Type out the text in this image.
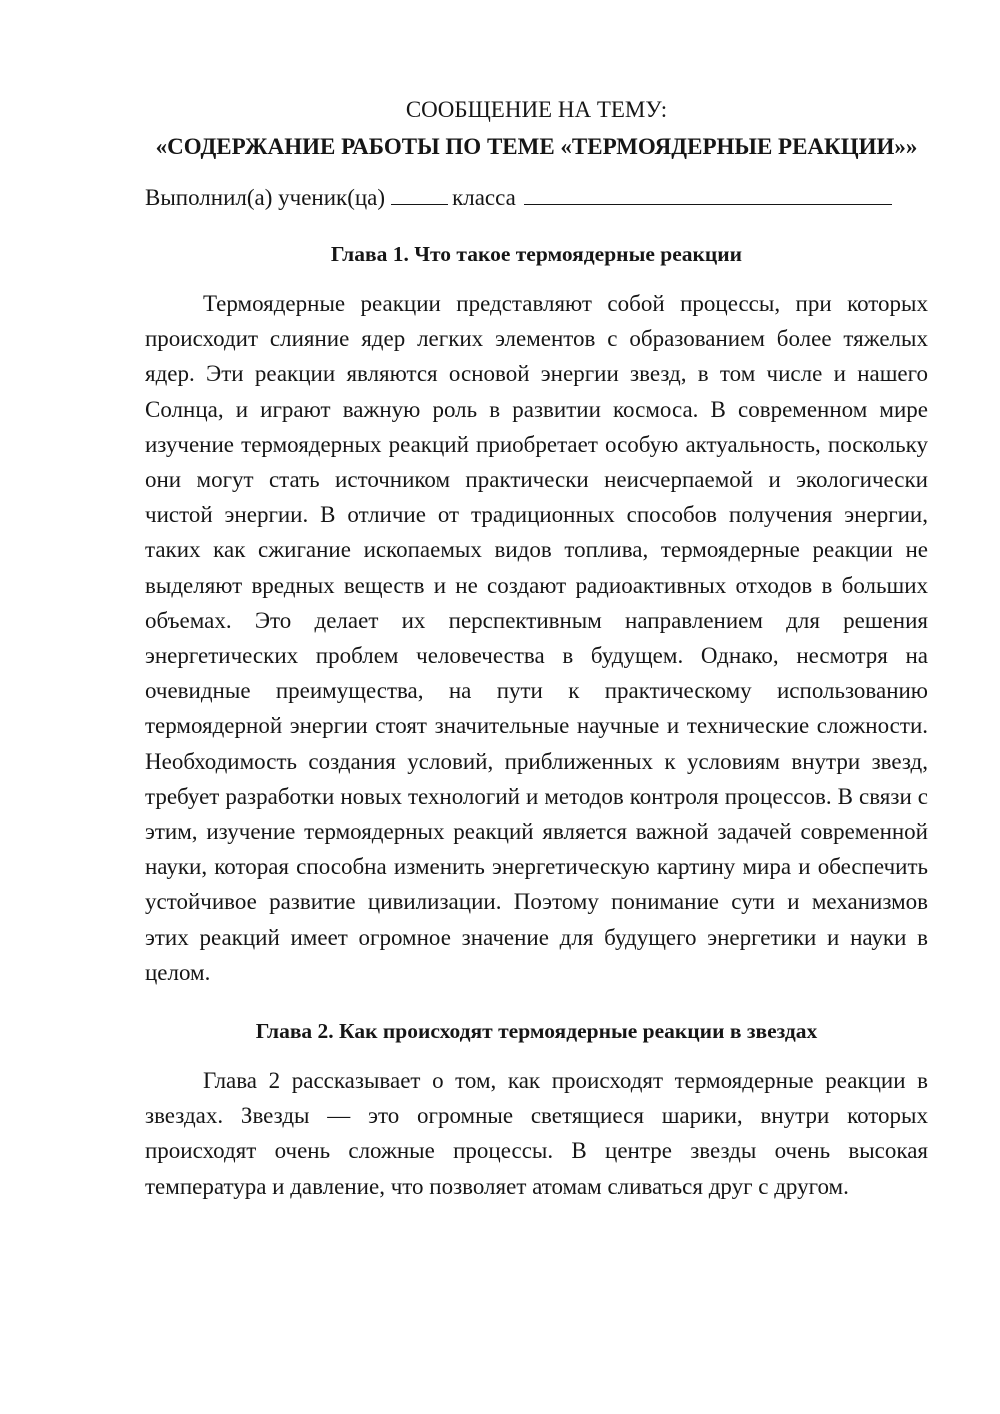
СООБЩЕНИЕ НА ТЕМУ:

«СОДЕРЖАНИЕ РАБОТЫ ПО ТЕМЕ «ТЕРМОЯДЕРНЫЕ РЕАКЦИИ»»

Выполнил(а) ученик(ца)	класса

Глава 1. Что такое термоядерные реакции

Термоядерные реакции представляют собой процессы, при которых происходит слияние ядер легких элементов с образованием более тяжелых ядер. Эти реакции являются основой энергии звезд, в том числе и нашего Солнца, и играют важную роль в развитии космоса. В современном мире изучение термоядерных реакций приобретает особую актуальность, поскольку они могут стать источником практически неисчерпаемой и экологически чистой энергии. В отличие от традиционных способов получения энергии, таких как сжигание ископаемых видов топлива, термоядерные реакции не выделяют вредных веществ и не создают радиоактивных отходов в больших объемах. Это делает их перспективным направлением для решения энергетических проблем человечества в будущем. Однако, несмотря на очевидные преимущества, на пути к практическому использованию термоядерной энергии стоят значительные научные и технические сложности. Необходимость создания условий, приближенных к условиям внутри звезд, требует разработки новых технологий и методов контроля процессов. В связи с этим, изучение термоядерных реакций является важной задачей современной науки, которая способна изменить энергетическую картину мира и обеспечить устойчивое развитие цивилизации. Поэтому понимание сути и механизмов этих реакций имеет огромное значение для будущего энергетики и науки в целом.

Глава 2. Как происходят термоядерные реакции в звездах

Глава 2 рассказывает о том, как происходят термоядерные реакции в звездах. Звезды — это огромные светящиеся шарики, внутри которых происходят очень сложные процессы. В центре звезды очень высокая температура и давление, что позволяет атомам сливаться друг с другом.
